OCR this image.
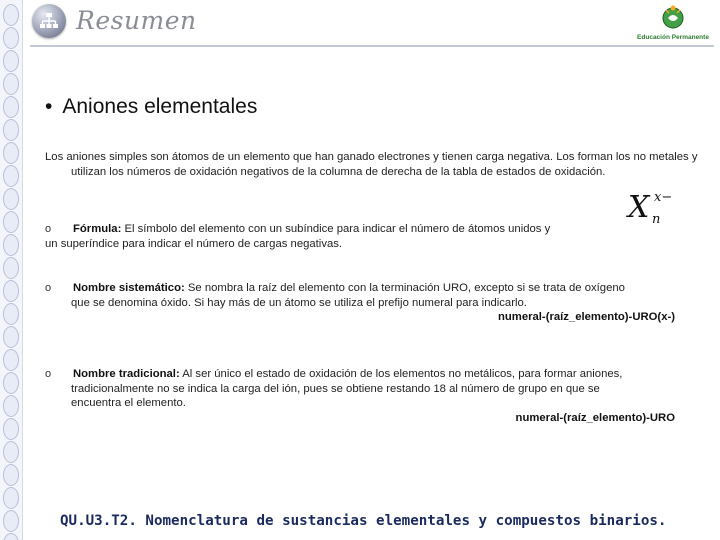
Resumen
Educación Permanente
• Aniones elementales
Los aniones simples son átomos de un elemento que han ganado electrones y tienen carga negativa. Los forman los no metales y utilizan los números de oxidación negativos de la columna de derecha de la tabla de estados de oxidación.
X x−
n
o Fórmula: El símbolo del elemento con un subíndice para indicar el número de átomos unidos y
un superíndice para indicar el número de cargas negativas.
o Nombre sistemático: Se nombra la raíz del elemento con la terminación URO, excepto si se trata de oxígeno
que se denomina óxido. Si hay más de un átomo se utiliza el prefijo numeral para indicarlo.
numeral-(raíz_elemento)-URO(x-)
o Nombre tradicional: Al ser único el estado de oxidación de los elementos no metálicos, para formar aniones,
tradicionalmente no se indica la carga del ión, pues se obtiene restando 18 al número de grupo en que se
encuentra el elemento.
numeral-(raíz_elemento)-URO
QU.U3.T2. Nomenclatura de sustancias elementales y compuestos binarios.
